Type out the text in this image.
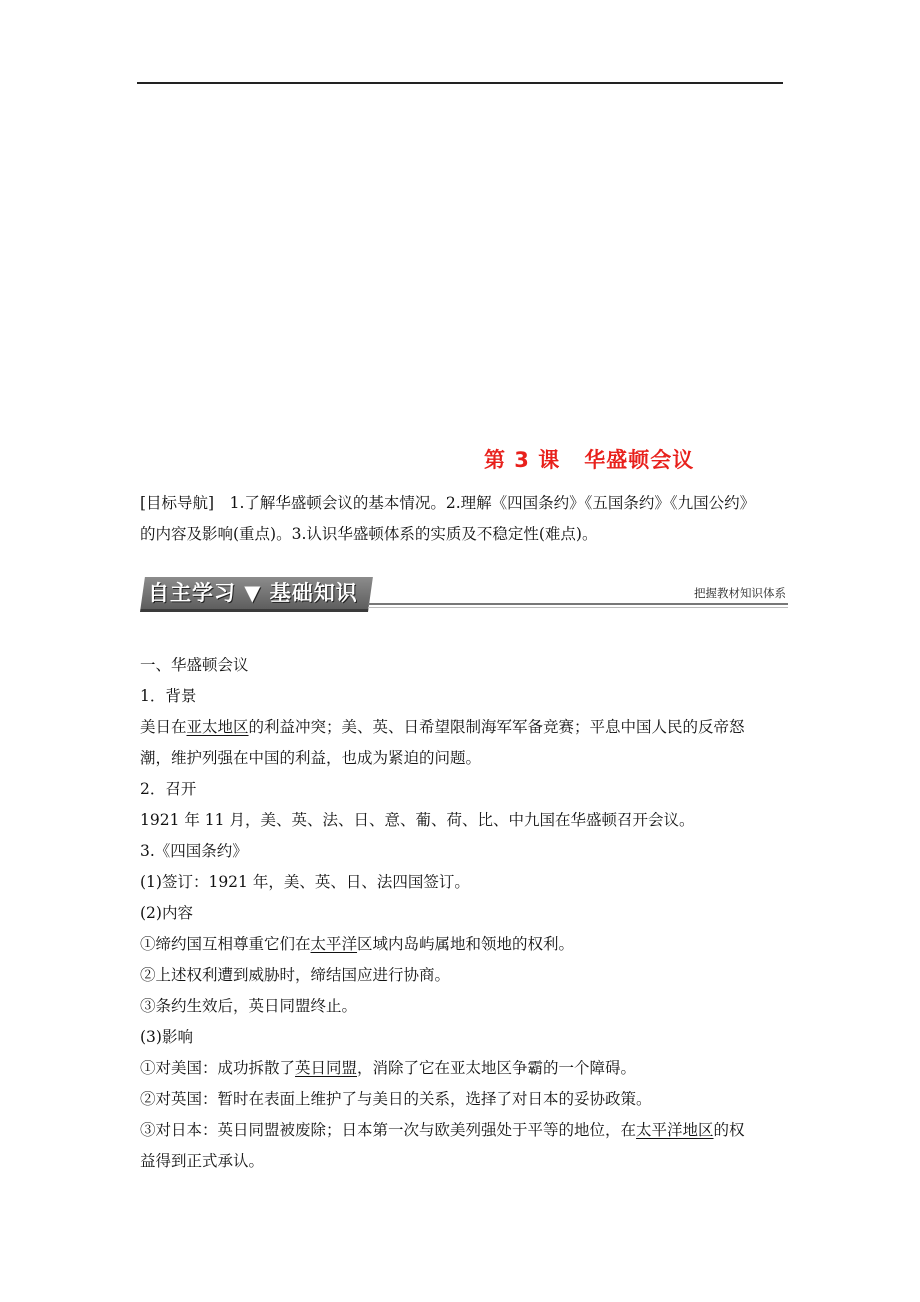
第 3 课 华盛顿会议
[目标导航]　1.了解华盛顿会议的基本情况。2.理解《四国条约》《五国条约》《九国公约》
的内容及影响(重点)。3.认识华盛顿体系的实质及不稳定性(难点)。
自主学习 ▼ 基础知识	把握教材知识体系
一、华盛顿会议
1．背景
美日在亚太地区的利益冲突；美、英、日希望限制海军军备竞赛；平息中国人民的反帝怒
潮，维护列强在中国的利益，也成为紧迫的问题。
2．召开
1921 年 11 月，美、英、法、日、意、葡、荷、比、中九国在华盛顿召开会议。
3.《四国条约》
(1)签订：1921 年，美、英、日、法四国签订。
(2)内容
①缔约国互相尊重它们在太平洋区域内岛屿属地和领地的权利。
②上述权利遭到威胁时，缔结国应进行协商。
③条约生效后，英日同盟终止。
(3)影响
①对美国：成功拆散了英日同盟，消除了它在亚太地区争霸的一个障碍。
②对英国：暂时在表面上维护了与美日的关系，选择了对日本的妥协政策。
③对日本：英日同盟被废除；日本第一次与欧美列强处于平等的地位，在太平洋地区的权
益得到正式承认。
